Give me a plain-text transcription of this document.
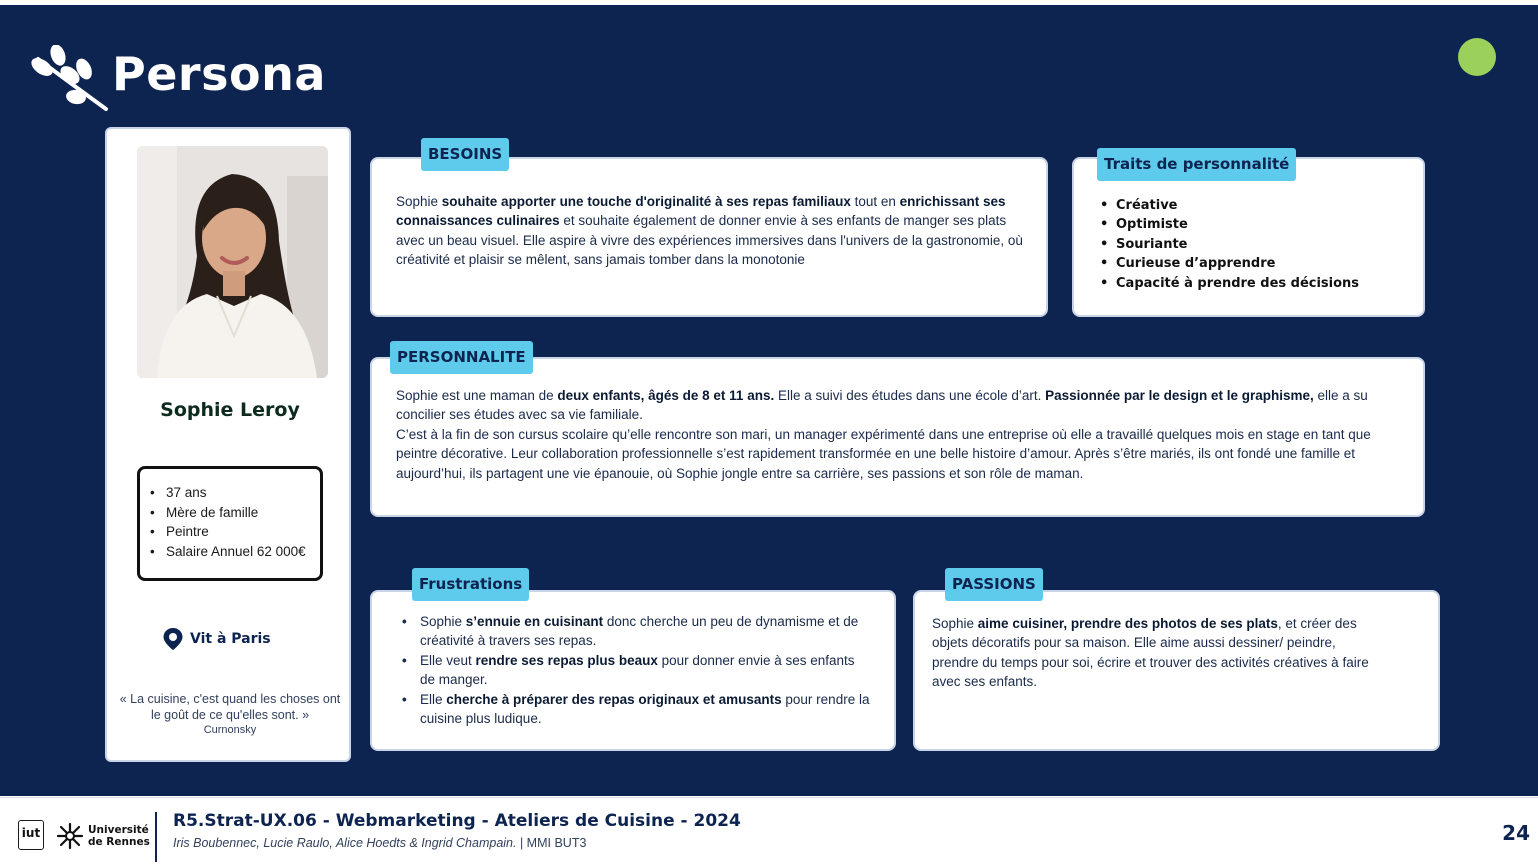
Persona
Sophie Leroy
• 37 ans
• Mère de famille
• Peintre
• Salaire Annuel 62 000€
Vit à Paris
« La cuisine, c'est quand les choses ont le goût de ce qu'elles sont. »
Curnonsky

Sophie souhaite apporter une touche d'originalité à ses repas familiaux tout en enrichissant ses connaissances culinaires et souhaite également de donner envie à ses enfants de manger ses plats avec un beau visuel. Elle aspire à vivre des expériences immersives dans l'univers de la gastronomie, où créativité et plaisir se mêlent, sans jamais tomber dans la monotonie

BESOINS
• Créative
• Optimiste
• Souriante
• Curieuse d’apprendre
• Capacité à prendre des décisions
Traits de personnalité

Sophie est une maman de deux enfants, âgés de 8 et 11 ans. Elle a suivi des études dans une école d’art. Passionnée par le design et le graphisme, elle a su concilier ses études avec sa vie familiale.

C’est à la fin de son cursus scolaire qu’elle rencontre son mari, un manager expérimenté dans une entreprise où elle a travaillé quelques mois en stage en tant que peintre décorative. Leur collaboration professionnelle s’est rapidement transformée en une belle histoire d’amour. Après s’être mariés, ils ont fondé une famille et aujourd’hui, ils partagent une vie épanouie, où Sophie jongle entre sa carrière, ses passions et son rôle de maman.

PERSONNALITE
• Sophie s’ennuie en cuisinant donc cherche un peu de dynamisme et de créativité à travers ses repas.
• Elle veut rendre ses repas plus beaux pour donner envie à ses enfants de manger.
• Elle cherche à préparer des repas originaux et amusants pour rendre la cuisine plus ludique.
Frustrations

Sophie aime cuisiner, prendre des photos de ses plats, et créer des objets décoratifs pour sa maison. Elle aime aussi dessiner/ peindre, prendre du temps pour soi, écrire et trouver des activités créatives à faire avec ses enfants.

PASSIONS
iut	Université
de Rennes
R5.Strat-UX.06 - Webmarketing - Ateliers de Cuisine - 2024
Iris Boubennec, Lucie Raulo, Alice Hoedts & Ingrid Champain. | MMI BUT3	24
